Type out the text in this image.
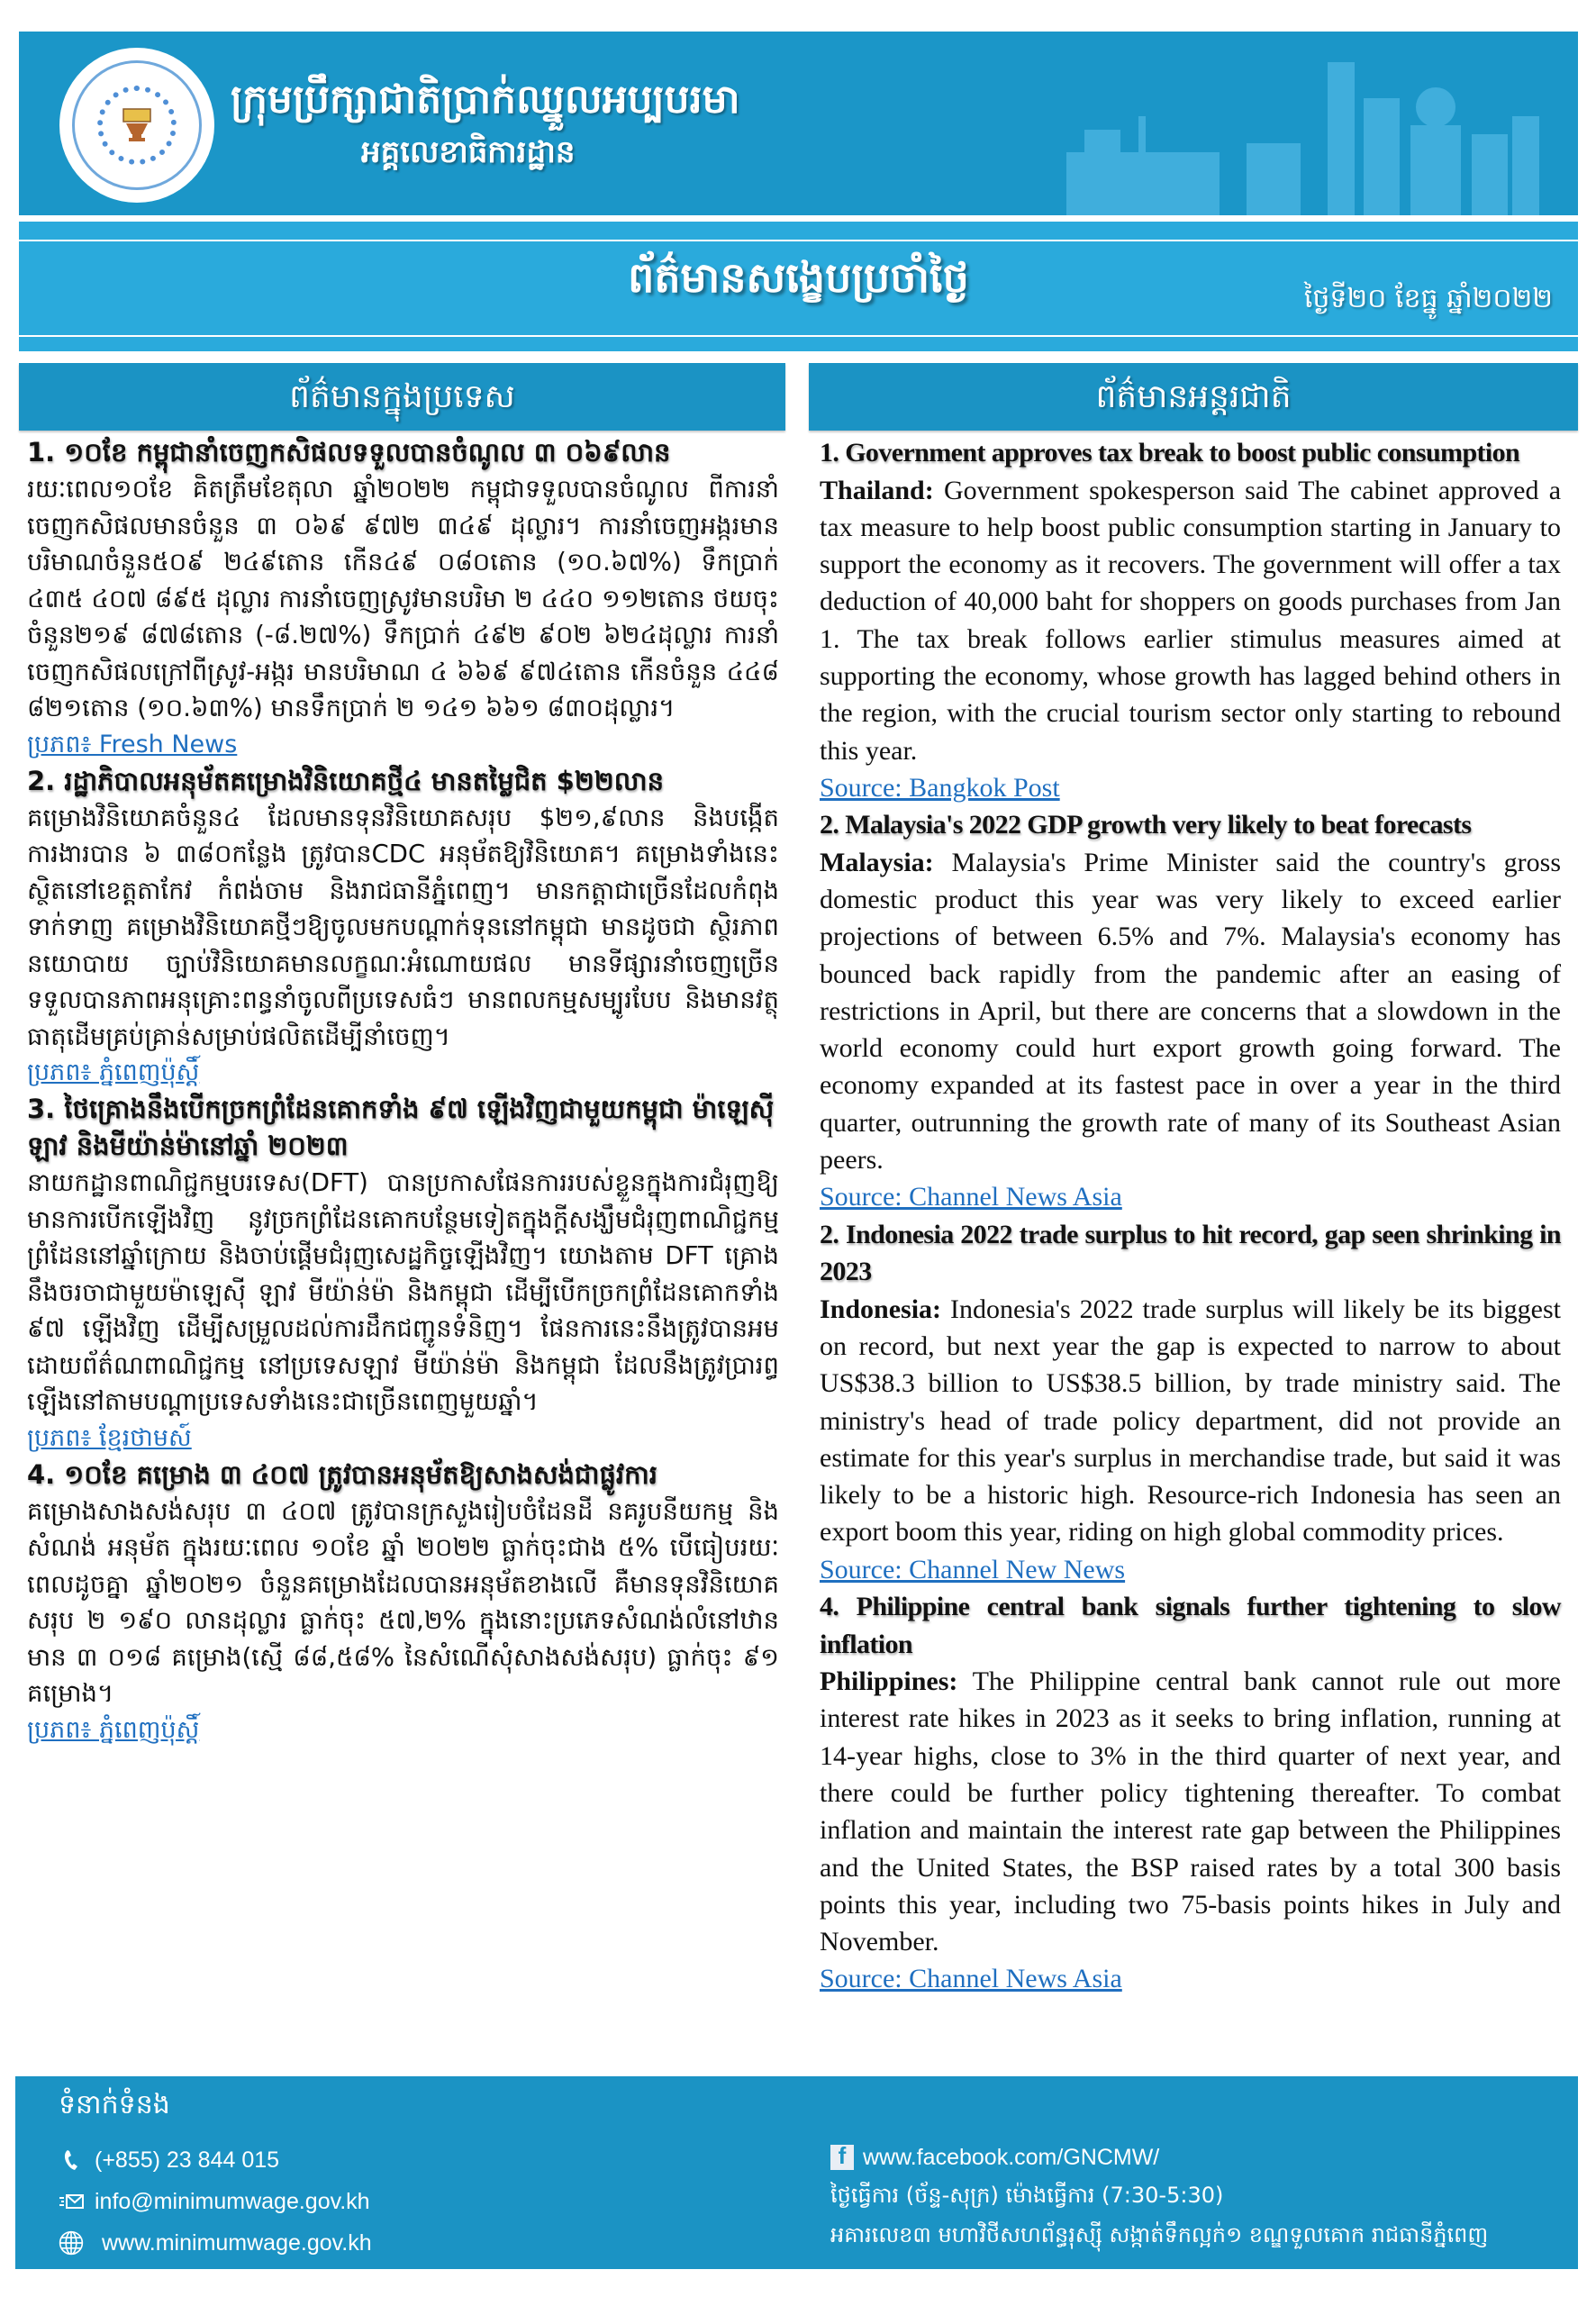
ក្រុមប្រឹក្សាជាតិប្រាក់ឈ្នួលអប្បបរមា
អគ្គលេខាធិការដ្ឋាន
ព័ត៌មានសង្ខេបប្រចាំថ្ងៃ	ថ្ងៃទី២០ ខែធ្នូ ឆ្នាំ២០២២
ព័ត៌មានក្នុងប្រទេស	ព័ត៌មានអន្តរជាតិ

1. ១០ខែ កម្ពុជានាំចេញកសិផលទទួលបានចំណូល ៣ ០៦៩លាន

រយៈពេល១០ខែ គិតត្រឹមខែតុលា ឆ្នាំ២០២២ កម្ពុជាទទួលបានចំណូល ពីការនាំចេញកសិផលមានចំនួន ៣ ០៦៩ ៩៧២ ៣៤៩ ដុល្លារ។ ការនាំចេញអង្ករមានបរិមាណចំនួន៥០៩ ២៤៩តោន កើន៤៩ ០៨០តោន (១០.៦៧%) ទឹកប្រាក់ ៤៣៥ ៤០៧ ៨៩៥ ដុល្លារ ការនាំចេញស្រូវមានបរិមា ២ ៤៤០ ១១២តោន ថយចុះចំនួន២១៩ ៨៧៨តោន (-៨.២៧%) ទឹកប្រាក់ ៤៩២ ៩០២ ៦២៤ដុល្លារ ការនាំចេញកសិផលក្រៅពីស្រូវ-អង្ករ មានបរិមាណ ៤ ៦៦៩ ៩៧៤តោន កើនចំនួន ៤៤៨ ៨២១តោន (១០.៦៣%) មានទឹកប្រាក់ ២ ១៤១ ៦៦១ ៨៣០ដុល្លារ។

ប្រភព៖ Fresh News

2. រដ្ឋាភិបាលអនុម័តគម្រោងវិនិយោគថ្មី៤ មានតម្លៃជិត $២២លាន

គម្រោងវិនិយោគចំនួន៤ ដែលមានទុនវិនិយោគសរុប $២១,៩លាន និងបង្កើតការងារបាន ៦ ៣៨០កន្លែង ត្រូវបានCDC អនុម័តឱ្យវិនិយោគ។ គម្រោងទាំងនេះស្ថិតនៅខេត្តតាកែវ កំពង់ចាម និងរាជធានីភ្នំពេញ។ មានកត្តាជាច្រើនដែលកំពុងទាក់ទាញ គម្រោងវិនិយោគថ្មីៗឱ្យចូលមកបណ្តាក់ទុននៅកម្ពុជា មានដូចជា ស្ថិរភាពនយោបាយ ច្បាប់វិនិយោគមានលក្ខណៈអំណោយផល មានទីផ្សារនាំចេញច្រើន ទទួលបានភាពអនុគ្រោះពន្ធនាំចូលពីប្រទេសធំៗ មានពលកម្មសម្បូរបែប និងមានវត្ថុធាតុដើមគ្រប់គ្រាន់សម្រាប់ផលិតដើម្បីនាំចេញ។

ប្រភព៖ ភ្នំពេញប៉ុស្តិ៍

3. ថៃគ្រោងនឹងបើកច្រកព្រំដែនគោកទាំង ៩៧ ឡើងវិញជាមួយកម្ពុជា ម៉ាឡេស៊ី ឡាវ និងមីយ៉ាន់ម៉ានៅឆ្នាំ ២០២៣

នាយកដ្ឋានពាណិជ្ជកម្មបរទេស(DFT) បានប្រកាសផែនការរបស់ខ្លួនក្នុងការជំរុញឱ្យមានការបើកឡើងវិញ នូវច្រកព្រំដែនគោកបន្ថែមទៀតក្នុងក្តីសង្ឃឹមជំរុញពាណិជ្ជកម្មព្រំដែននៅឆ្នាំក្រោយ និងចាប់ផ្តើមជំរុញសេដ្ឋកិច្ចឡើងវិញ។ យោងតាម DFT គ្រោងនឹងចរចាជាមួយម៉ាឡេស៊ី ឡាវ មីយ៉ាន់ម៉ា និងកម្ពុជា ដើម្បីបើកច្រកព្រំដែនគោកទាំង ៩៧ ឡើងវិញ ដើម្បីសម្រួលដល់ការដឹកជញ្ជូនទំនិញ។ ផែនការនេះនឹងត្រូវបានអមដោយព័ត៌ណពាណិជ្ជកម្ម នៅប្រទេសឡាវ មីយ៉ាន់ម៉ា និងកម្ពុជា ដែលនឹងត្រូវប្រារព្ធឡើងនៅតាមបណ្តាប្រទេសទាំងនេះជាច្រើនពេញមួយឆ្នាំ។

ប្រភព៖ ខ្មែរថាមស៍

4. ១០ខែ គម្រោង ៣ ៤០៧ ត្រូវបានអនុម័តឱ្យសាងសង់ជាផ្លូវការ

គម្រោងសាងសង់សរុប ៣ ៤០៧ ត្រូវបានក្រសួងរៀបចំដែនដី នគរូបនីយកម្ម និងសំណង់ អនុម័ត ក្នុងរយៈពេល ១០ខែ ឆ្នាំ ២០២២ ធ្លាក់ចុះជាង ៥% បើធៀបរយៈពេលដូចគ្នា ឆ្នាំ២០២១ ចំនួនគម្រោងដែលបានអនុម័តខាងលើ គឺមានទុនវិនិយោគសរុប ២ ១៩០ លានដុល្លារ ធ្លាក់ចុះ ៥៧,២% ក្នុងនោះប្រភេទសំណង់លំនៅឋាន មាន ៣ ០១៨ គម្រោង(ស្មើ ៨៨,៥៨% នៃសំណើសុំសាងសង់សរុប) ធ្លាក់ចុះ ៩១ គម្រោង។

ប្រភព៖ ភ្នំពេញប៉ុស្តិ៍

1. Government approves tax break to boost public consumption

Thailand: Government spokesperson said The cabinet approved a tax measure to help boost public consumption starting in January to support the economy as it recovers. The government will offer a tax deduction of 40,000 baht for shoppers on goods purchases from Jan 1. The tax break follows earlier stimulus measures aimed at supporting the economy, whose growth has lagged behind others in the region, with the crucial tourism sector only starting to rebound this year.

Source: Bangkok Post

2. Malaysia's 2022 GDP growth very likely to beat forecasts

Malaysia: Malaysia's Prime Minister said the country's gross domestic product this year was very likely to exceed earlier projections of between 6.5% and 7%. Malaysia's economy has bounced back rapidly from the pandemic after an easing of restrictions in April, but there are concerns that a slowdown in the world economy could hurt export growth going forward. The economy expanded at its fastest pace in over a year in the third quarter, outrunning the growth rate of many of its Southeast Asian peers.

Source: Channel News Asia

2. Indonesia 2022 trade surplus to hit record, gap seen shrinking in 2023

Indonesia: Indonesia's 2022 trade surplus will likely be its biggest on record, but next year the gap is expected to narrow to about US$38.3 billion to US$38.5 billion, by trade ministry said. The ministry's head of trade policy department, did not provide an estimate for this year's surplus in merchandise trade, but said it was likely to be a historic high. Resource-rich Indonesia has seen an export boom this year, riding on high global commodity prices.

Source: Channel New News

4. Philippine central bank signals further tightening to slow inflation

Philippines: The Philippine central bank cannot rule out more interest rate hikes in 2023 as it seeks to bring inflation, running at 14-year highs, close to 3% in the third quarter of next year, and there could be further policy tightening thereafter. To combat inflation and maintain the interest rate gap between the Philippines and the United States, the BSP raised rates by a total 300 basis points this year, including two 75-basis points hikes in July and November.

Source: Channel News Asia
ទំនាក់ទំនង
(+855) 23 844 015
info@minimumwage.gov.kh
www.minimumwage.gov.kh
f www.facebook.com/GNCMW/
ថ្ងៃធ្វើការ (ច័ន្ទ-សុក្រ) ម៉ោងធ្វើការ (7:30-5:30)
អគារលេខ៣ មហាវិថីសហព័ន្ធរុស្ស៊ី សង្កាត់ទឹកល្អក់១ ខណ្ឌទួលគោក រាជធានីភ្នំពេញ
